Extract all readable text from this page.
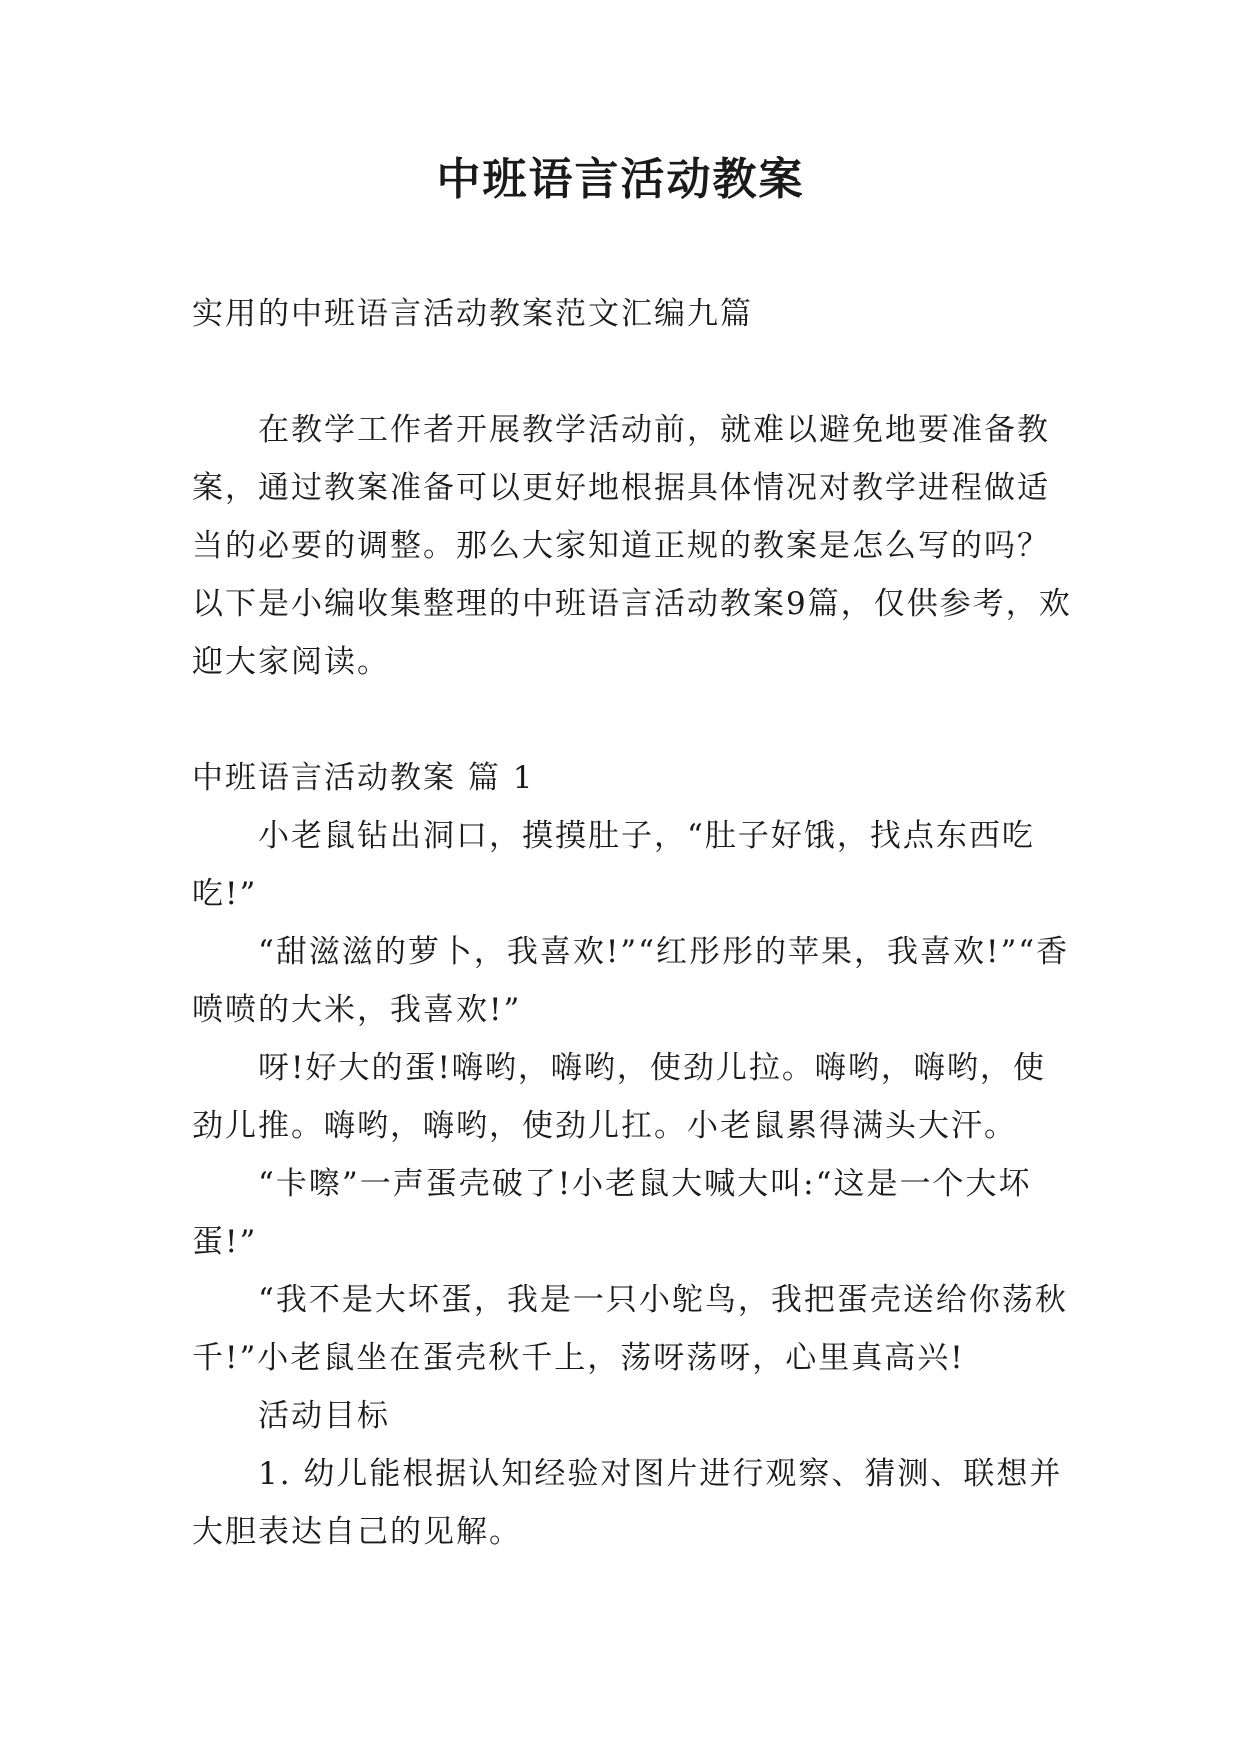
中班语言活动教案

实用的中班语言活动教案范文汇编九篇

在教学工作者开展教学活动前，就难以避免地要准备教案，通过教案准备可以更好地根据具体情况对教学进程做适当的必要的调整。那么大家知道正规的教案是怎么写的吗？以下是小编收集整理的中班语言活动教案9篇，仅供参考，欢迎大家阅读。

中班语言活动教案 篇 1

小老鼠钻出洞口，摸摸肚子，“肚子好饿，找点东西吃吃!”

“甜滋滋的萝卜，我喜欢!”“红彤彤的苹果，我喜欢!”“香喷喷的大米，我喜欢!”

呀!好大的蛋!嗨哟，嗨哟，使劲儿拉。嗨哟，嗨哟，使劲儿推。嗨哟，嗨哟，使劲儿扛。小老鼠累得满头大汗。

“卡嚓”一声蛋壳破了!小老鼠大喊大叫:“这是一个大坏蛋!”

“我不是大坏蛋，我是一只小鸵鸟，我把蛋壳送给你荡秋千!”小老鼠坐在蛋壳秋千上，荡呀荡呀，心里真高兴!

活动目标

1. 幼儿能根据认知经验对图片进行观察、猜测、联想并大胆表达自己的见解。
